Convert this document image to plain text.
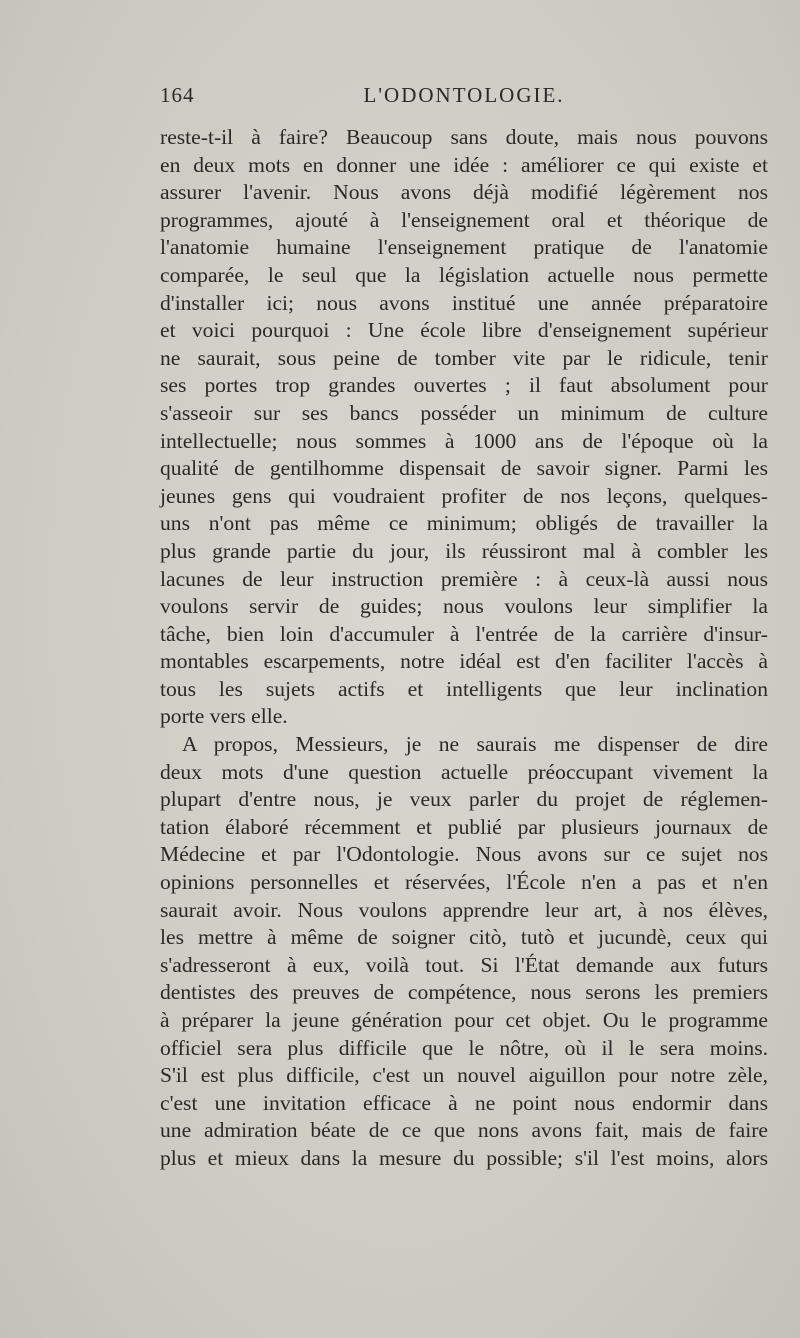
164	L'ODONTOLOGIE.

reste-t-il à faire? Beaucoup sans doute, mais nous pouvons

en deux mots en donner une idée : améliorer ce qui existe et

assurer l'avenir. Nous avons déjà modifié légèrement nos

programmes, ajouté à l'enseignement oral et théorique de

l'anatomie humaine l'enseignement pratique de l'anatomie

comparée, le seul que la législation actuelle nous permette

d'installer ici; nous avons institué une année préparatoire

et voici pourquoi : Une école libre d'enseignement supérieur

ne saurait, sous peine de tomber vite par le ridicule, tenir

ses portes trop grandes ouvertes ; il faut absolument pour

s'asseoir sur ses bancs posséder un minimum de culture

intellectuelle; nous sommes à 1000 ans de l'époque où la

qualité de gentilhomme dispensait de savoir signer. Parmi les

jeunes gens qui voudraient profiter de nos leçons, quelques-

uns n'ont pas même ce minimum; obligés de travailler la

plus grande partie du jour, ils réussiront mal à combler les

lacunes de leur instruction première : à ceux-là aussi nous

voulons servir de guides; nous voulons leur simplifier la

tâche, bien loin d'accumuler à l'entrée de la carrière d'insur-

montables escarpements, notre idéal est d'en faciliter l'accès à

tous les sujets actifs et intelligents que leur inclination

porte vers elle.

A propos, Messieurs, je ne saurais me dispenser de dire

deux mots d'une question actuelle préoccupant vivement la

plupart d'entre nous, je veux parler du projet de réglemen-

tation élaboré récemment et publié par plusieurs journaux de

Médecine et par l'Odontologie. Nous avons sur ce sujet nos

opinions personnelles et réservées, l'École n'en a pas et n'en

saurait avoir. Nous voulons apprendre leur art, à nos élèves,

les mettre à même de soigner citò, tutò et jucundè, ceux qui

s'adresseront à eux, voilà tout. Si l'État demande aux futurs

dentistes des preuves de compétence, nous serons les premiers

à préparer la jeune génération pour cet objet. Ou le programme

officiel sera plus difficile que le nôtre, où il le sera moins.

S'il est plus difficile, c'est un nouvel aiguillon pour notre zèle,

c'est une invitation efficace à ne point nous endormir dans

une admiration béate de ce que nons avons fait, mais de faire

plus et mieux dans la mesure du possible; s'il l'est moins, alors
